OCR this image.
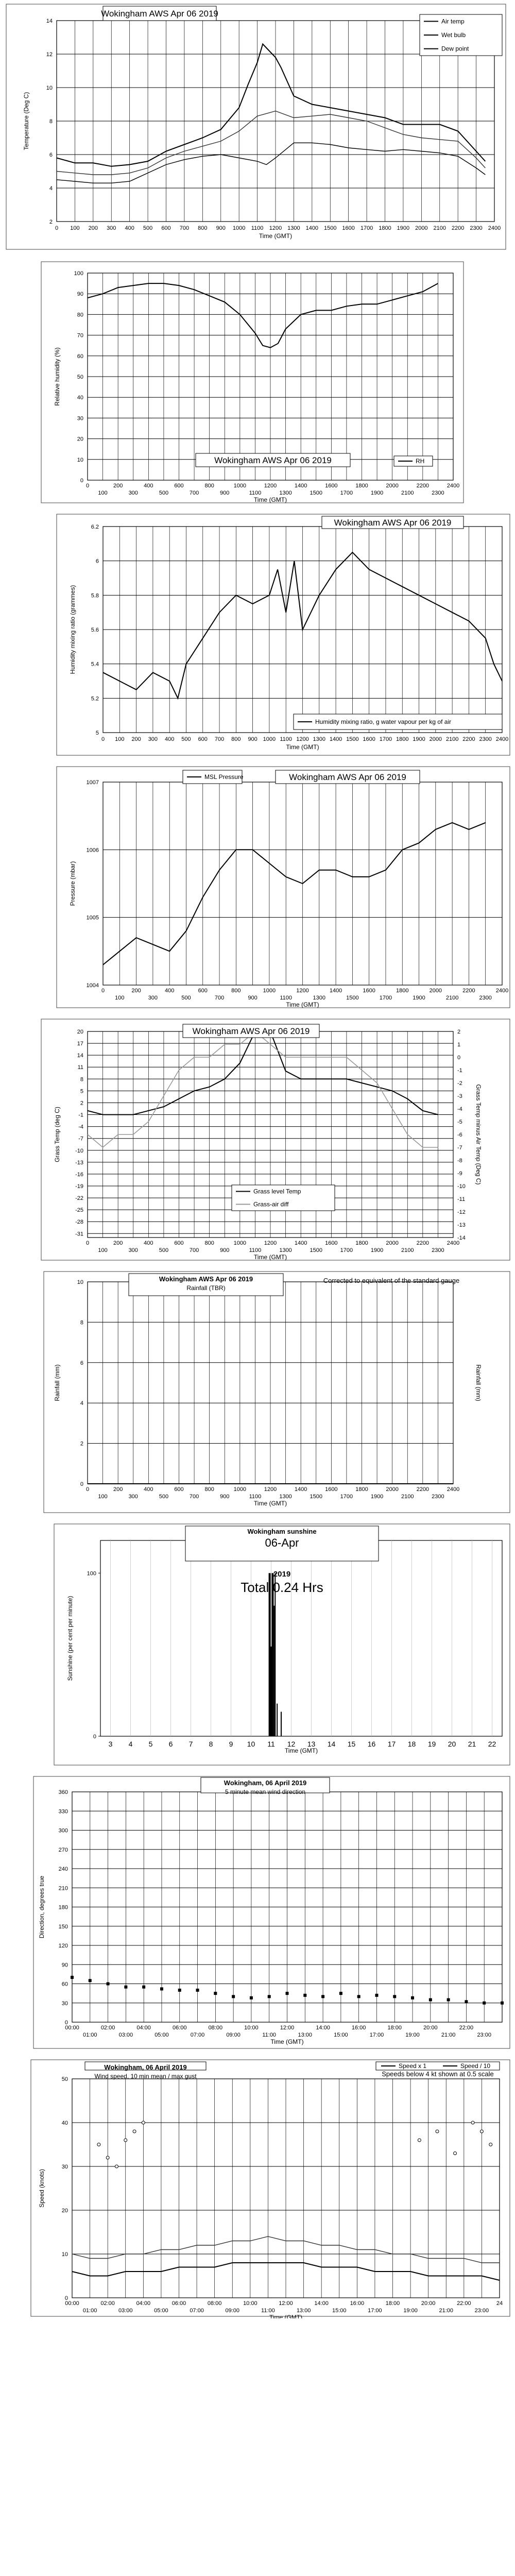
0 100 200 300 400 500 600 700 800 900 1000 1100 1200 1300 1400 1500 1600 1700 1800 1900 2000 2100 2200 2300 2400
2
4
6
8
10
12
14
Time (GMT)
Temperature (Deg C)
Wokingham AWS Apr 06 2019
Air temp
Wet bulb
Dew point
0	200	400	600	800	1000	1200	1400	1600	1800	2000	2200	2400
100	300	500	700	900	1100	1300	1500	1700	1900	2100	2300
0
10
20
30
40
50
60
70
80
90
100
Time (GMT)
Relative humidity (%)
Wokingham AWS Apr 06 2019	RH
0 100 200 300 400 500 600 700 800 900 1000 1100 1200 1300 1400 1500 1600 1700 1800 1900 2000 2100 2200 2300 2400
5
5.2
5.4
5.6
5.8
6
6.2
Time (GMT)
Humidity mixing ratio (grammes)
Wokingham AWS Apr 06 2019
Humidity mixing ratio, g water vapour per kg of air
0	200	400	600	800	1000	1200	1400	1600	1800	2000	2200	2400
100	300	500	700	900	1100	1300	1500	1700	1900	2100	2300
1004
1005
1006
1007
Time (GMT)
Pressure (mbar)
Wokingham AWS Apr 06 2019
MSL Pressure
0	200	400	600	800	1000	1200	1400	1600	1800	2000	2200	2400
100	300	500	700	900	1100	1300	1500	1700	1900	2100	2300
20
17
14
11
8
5
2
-1
-4
-7
-10
-13
-16
-19
-22
-25
-28
-31
2
1
0
-1
-2
-3
-4
-5
-6
-7
-8
-9
-10
-11
-12
-13
-14
Time (GMT)
Grass Temp (deg C)	Grass Temp minus Air Temp (Deg C)
Wokingham AWS Apr 06 2019
Grass level Temp
Grass-air diff
0	200	400	600	800	1000	1200	1400	1600	1800	2000	2200	2400
100	300	500	700	900	1100	1300	1500	1700	1900	2100	2300
0
2
4
6
8
10
Time (GMT)
Rainfall (mm)	Rainfall (mm)
Wokingham AWS Apr 06 2019
Rainfall (TBR)
Corrected to equivalent of the standard gauge
Time (GMT)
Sunshine (per cent per minute)
3 4 5 6 7 8 9 10 11 12 13 14 15 16 17 18 19 20 21 22
0
100
Wokingham sunshine
06-Apr
2019
Total 0.24 Hrs
00:00	02:00	04:00	06:00	08:00	10:00	12:00	14:00	16:00	18:00	20:00	22:00
01:00	03:00	05:00	07:00	09:00	11:00	13:00	15:00	17:00	19:00	21:00	23:00
0
30
60
90
120
150
180
210
240
270
300
330
360
Time (GMT)
Direction, degrees true
Wokingham, 06 April 2019
5 minute mean wind direction
00:00	02:00	04:00	06:00	08:00	10:00	12:00	14:00	16:00	18:00	20:00	22:00	24
01:00	03:00	05:00	07:00	09:00	11:00	13:00	15:00	17:00	19:00	21:00	23:00
0
10
20
30
40
50
Time (GMT)
Speed (knots)
Wokingham, 06 April 2019
Wind speed, 10 min mean / max gust	Speeds below 4 kt shown at 0.5 scale
Speed x 1	Speed / 10
